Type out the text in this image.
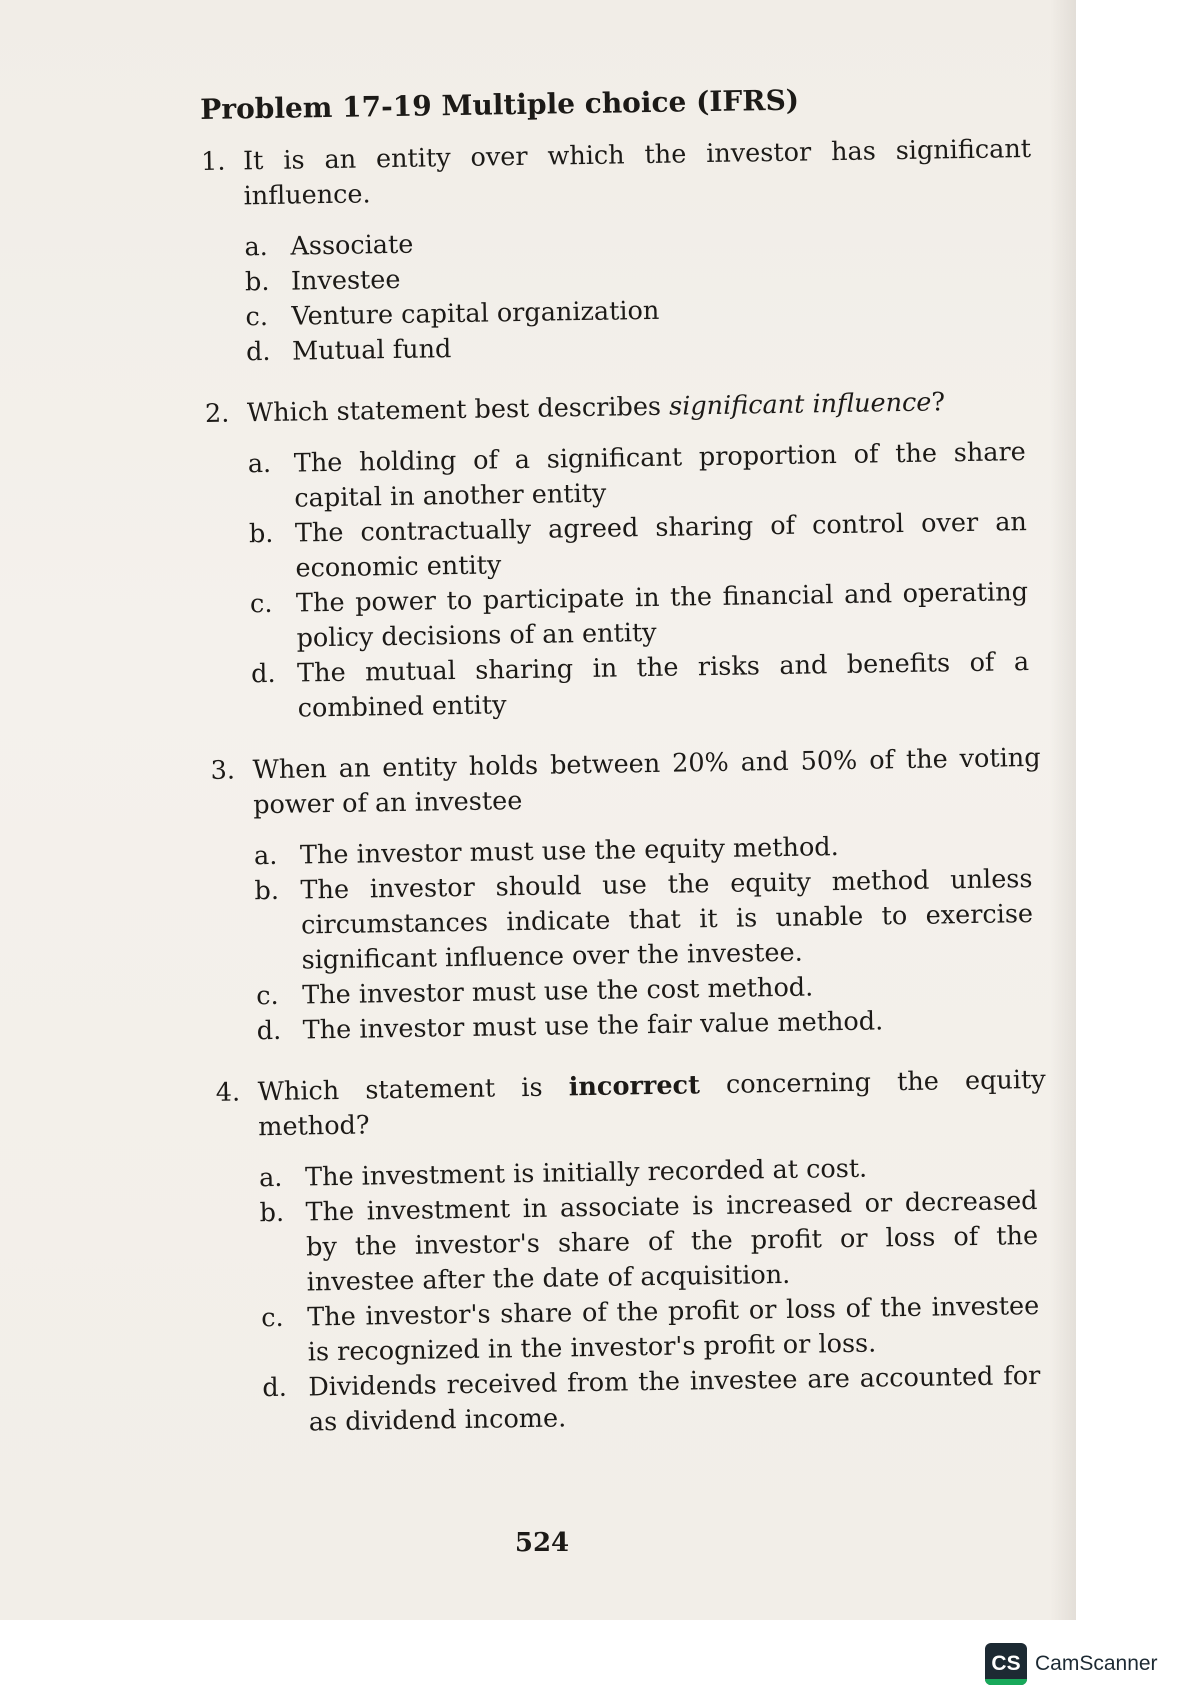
Problem 17-19 Multiple choice (IFRS)
1. It is an entity over which the investor has significant influence.
a. Associate
b. Investee
c. Venture capital organization
d. Mutual fund
2. Which statement best describes significant influence?
a. The holding of a significant proportion of the share capital in another entity
b. The contractually agreed sharing of control over an economic entity
c. The power to participate in the financial and operating policy decisions of an entity
d. The mutual sharing in the risks and benefits of a combined entity
3. When an entity holds between 20% and 50% of the voting power of an investee
a. The investor must use the equity method.
b. The investor should use the equity method unless circumstances indicate that it is unable to exercise significant influence over the investee.
c. The investor must use the cost method.
d. The investor must use the fair value method.
4. Which statement is incorrect concerning the equity method?
a. The investment is initially recorded at cost.
b. The investment in associate is increased or decreased by the investor's share of the profit or loss of the investee after the date of acquisition.
c. The investor's share of the profit or loss of the investee is recognized in the investor's profit or loss.
d. Dividends received from the investee are accounted for as dividend income.
524
CS CamScanner
